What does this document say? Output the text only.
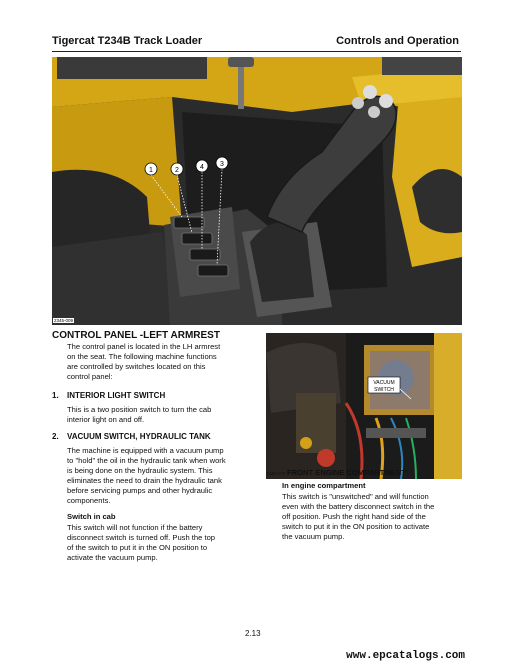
Tigercat T234B Track Loader	Controls and Operation
1	2	4 3
2345-009
VACUUM
SWITCH
2345-273 FRONT ENGINE COMPARTMENT
CONTROL PANEL -LEFT ARMREST
The control panel is located in the LH armrest
on the seat. The following machine functions
are controlled by switches located on this
control panel:
1. INTERIOR LIGHT SWITCH
This is a two position switch to turn the cab
interior light on and off.
2. VACUUM SWITCH, HYDRAULIC TANK
The machine is equipped with a vacuum pump
to "hold" the oil in the hydraulic tank when work
is being done on the hydraulic system. This
eliminates the need to drain the hydraulic tank
before servicing pumps and other hydraulic
components.
Switch in cab
This switch will not function if the battery
disconnect switch is turned off. Push the top
of the switch to put it in the ON position to
activate the vacuum pump.
In engine compartment
This switch is "unswitched" and will function
even with the battery disconnect switch in the
off position. Push the right hand side of the
switch to put it in the ON position to activate
the vacuum pump.
2.13
www.epcatalogs.com
